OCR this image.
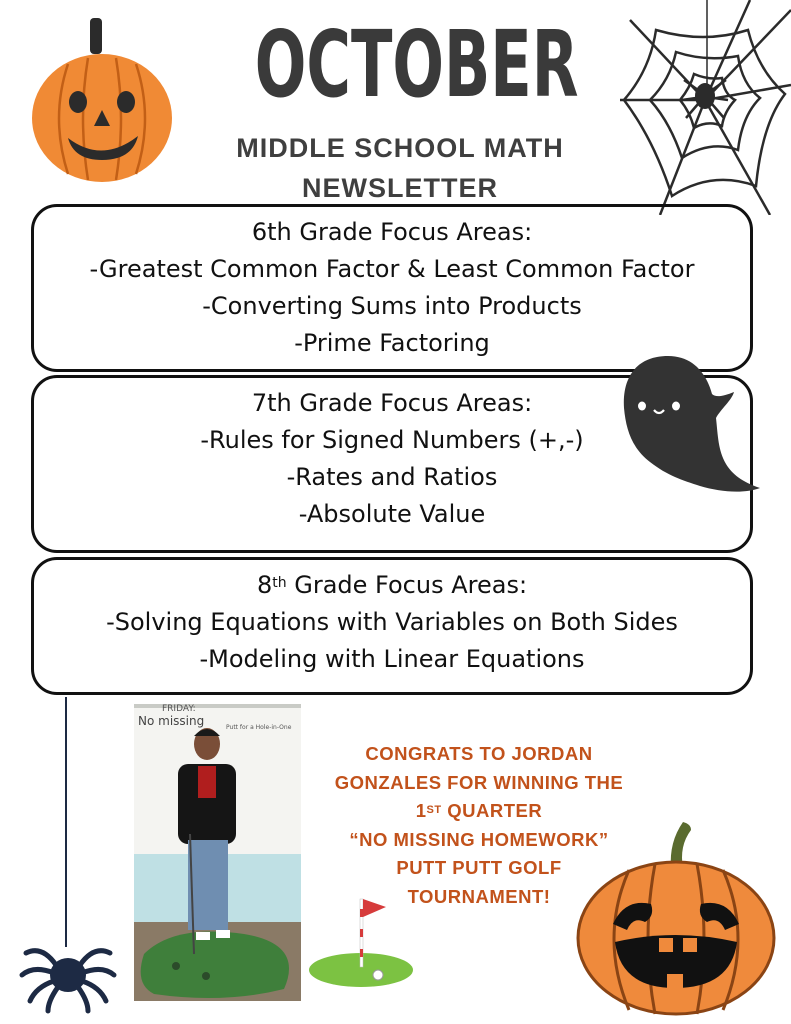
OCTOBER
MIDDLE SCHOOL MATH
NEWSLETTER
6th Grade Focus Areas:
-Greatest Common Factor & Least Common Factor
-Converting Sums into Products
-Prime Factoring
7th Grade Focus Areas:
-Rules for Signed Numbers (+,-)
-Rates and Ratios
-Absolute Value
8th Grade Focus Areas:
-Solving Equations with Variables on Both Sides
-Modeling with Linear Equations
FRIDAY:
No missing	Putt for a Hole-in-One
CONGRATS TO JORDAN
GONZALES FOR WINNING THE
1ST QUARTER
“NO MISSING HOMEWORK”
PUTT PUTT GOLF
TOURNAMENT!
